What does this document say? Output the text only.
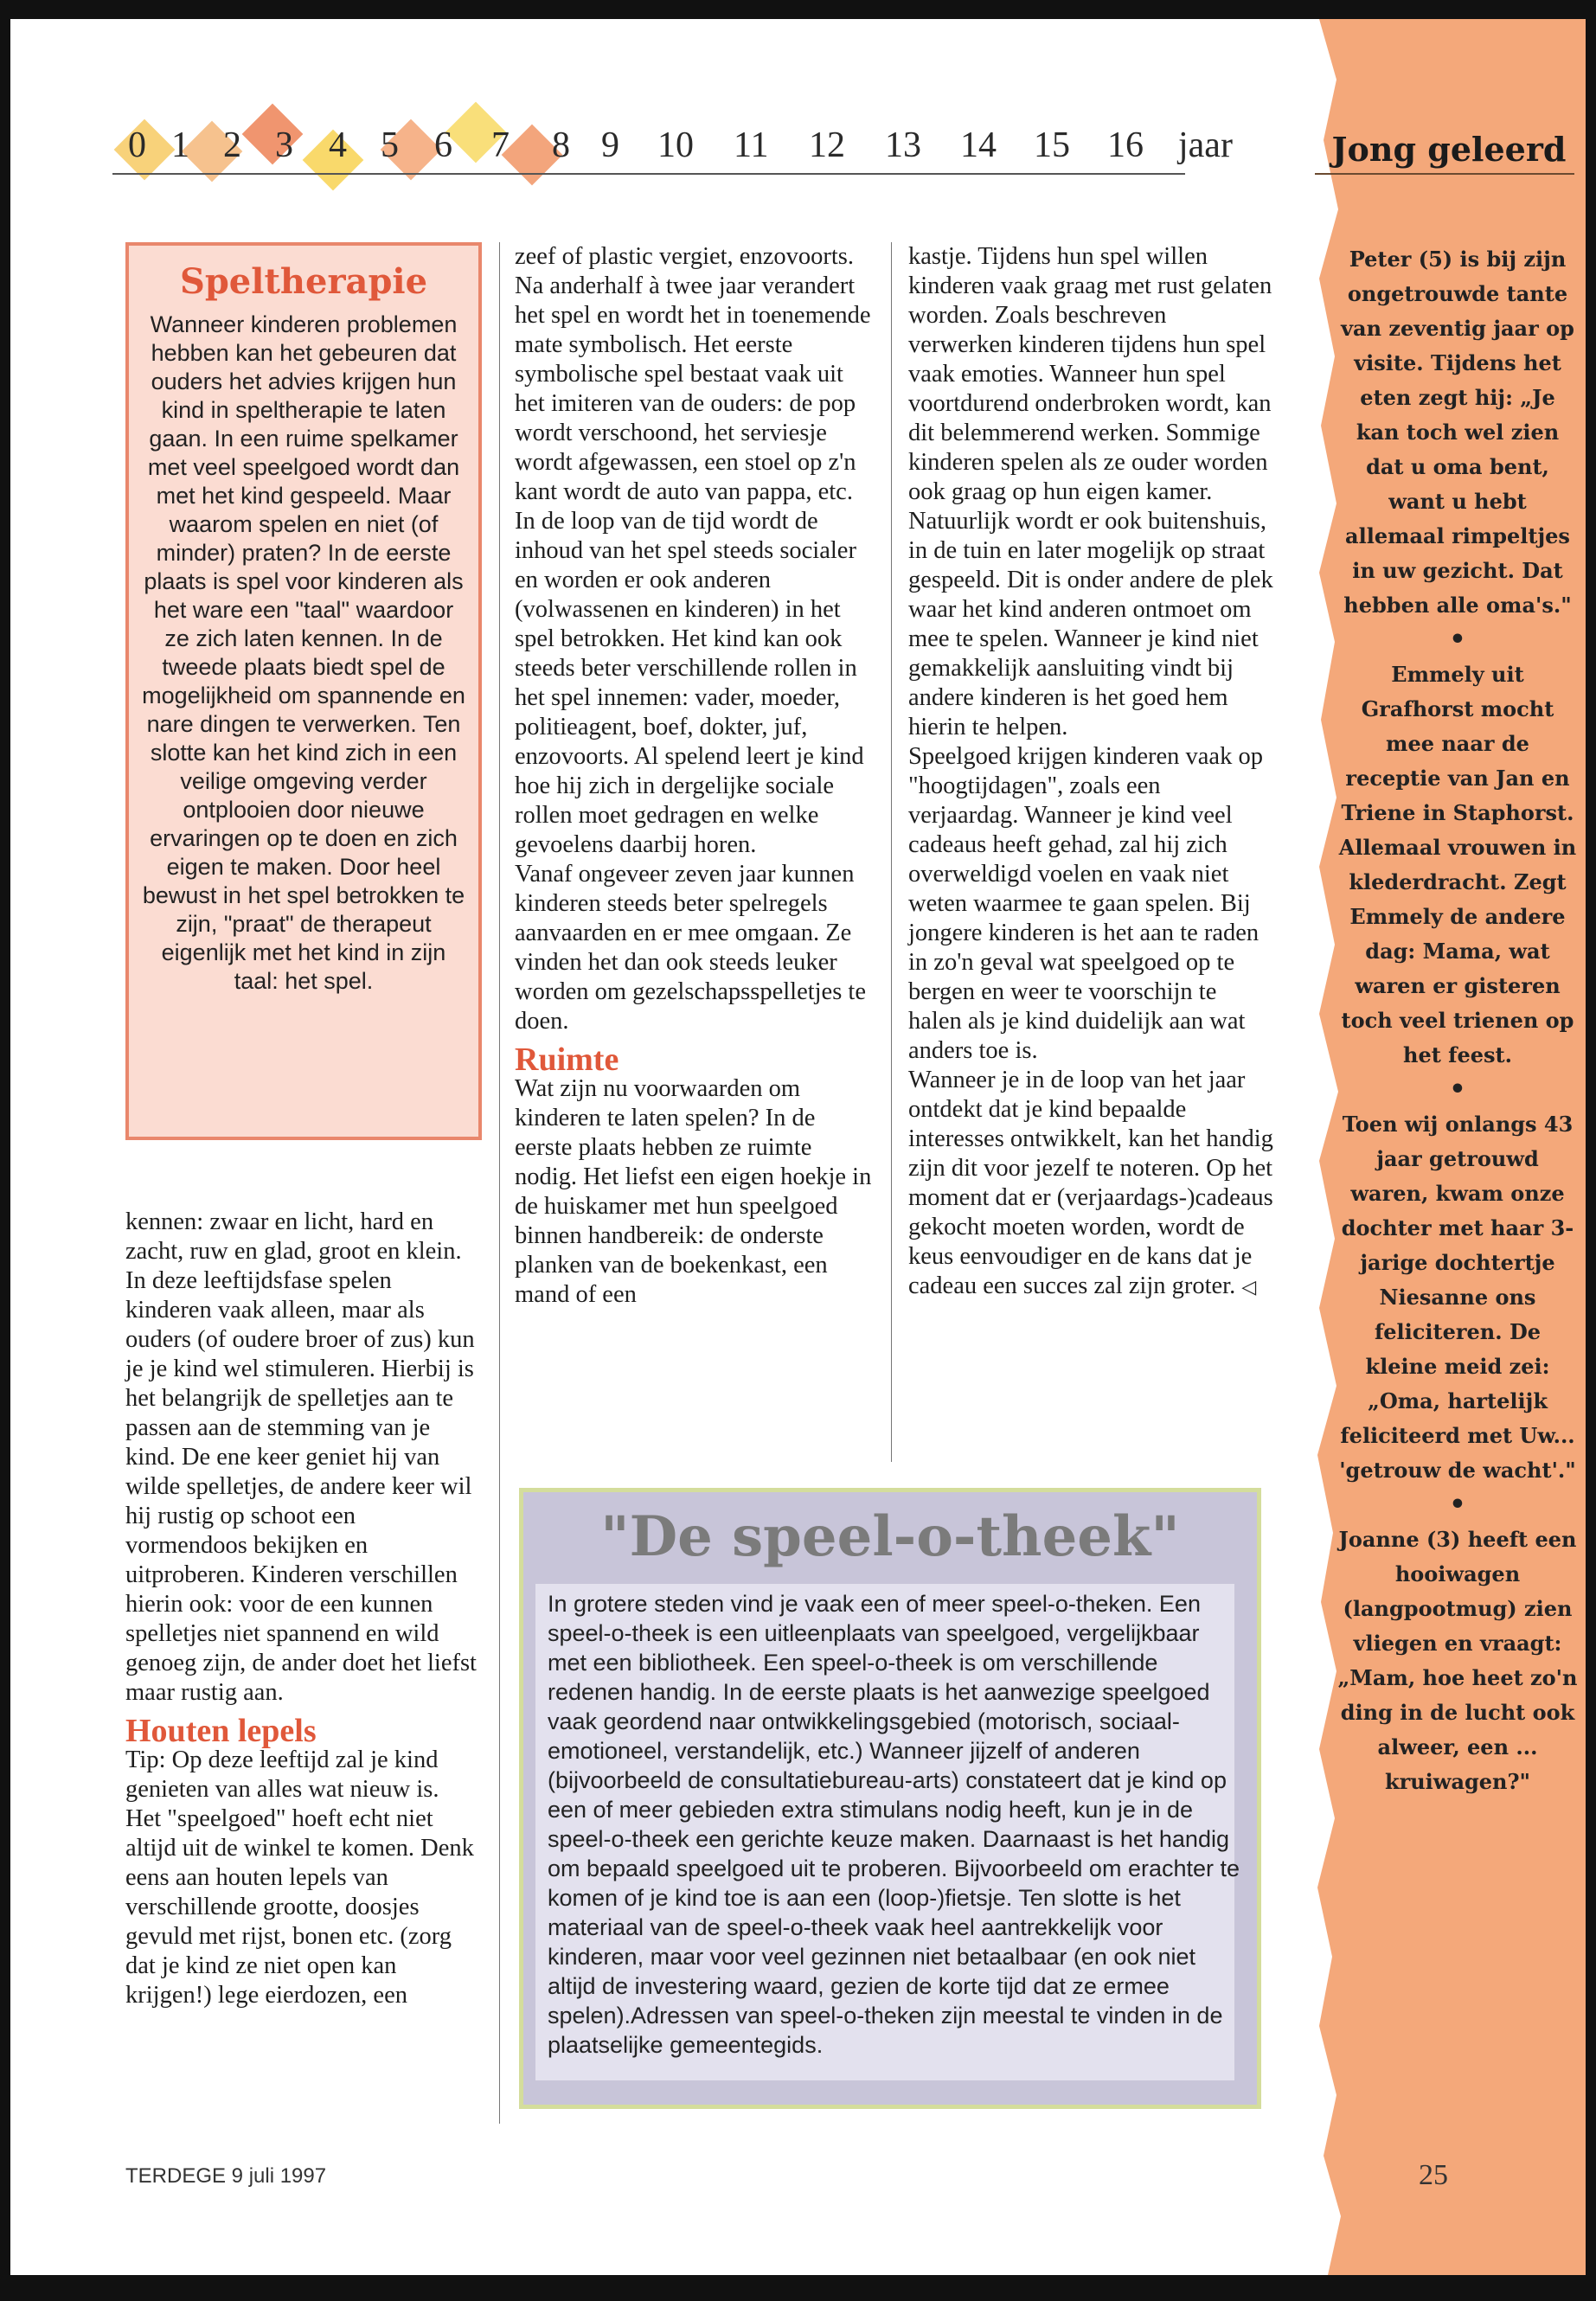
0 1 2 3 4 5 6 7 8 9 10 11 12 13 14 15 16 jaar	Jong geleerd
Speltherapie

Wanneer kinderen problemen hebben kan het gebeuren dat ouders het advies krijgen hun kind in speltherapie te laten gaan. In een ruime spelkamer met veel speelgoed wordt dan met het kind gespeeld. Maar waarom spelen en niet (of minder) praten? In de eerste plaats is spel voor kinderen als het ware een "taal" waardoor ze zich laten kennen. In de tweede plaats biedt spel de mogelijkheid om spannende en nare dingen te verwerken. Ten slotte kan het kind zich in een veilige omgeving verder ontplooien door nieuwe ervaringen op te doen en zich eigen te maken. Door heel bewust in het spel betrokken te zijn, "praat" de therapeut eigenlijk met het kind in zijn taal: het spel.

kennen: zwaar en licht, hard en zacht, ruw en glad, groot en klein.

In deze leeftijdsfase spelen kinderen vaak alleen, maar als ouders (of oudere broer of zus) kun je je kind wel stimuleren. Hierbij is het belangrijk de spelletjes aan te passen aan de stemming van je kind. De ene keer geniet hij van wilde spelletjes, de andere keer wil hij rustig op schoot een vormendoos bekijken en uitproberen. Kinderen verschillen hierin ook: voor de een kunnen spelletjes niet spannend en wild genoeg zijn, de ander doet het liefst maar rustig aan.

Houten lepels

Tip: Op deze leeftijd zal je kind genieten van alles wat nieuw is. Het "speelgoed" hoeft echt niet altijd uit de winkel te komen. Denk eens aan houten lepels van verschillende grootte, doosjes gevuld met rijst, bonen etc. (zorg dat je kind ze niet open kan krijgen!) lege eierdozen, een

zeef of plastic vergiet, enzovoorts.

Na anderhalf à twee jaar verandert het spel en wordt het in toenemende mate symbolisch. Het eerste symbolische spel bestaat vaak uit het imiteren van de ouders: de pop wordt verschoond, het serviesje wordt afgewassen, een stoel op z'n kant wordt de auto van pappa, etc.

In de loop van de tijd wordt de inhoud van het spel steeds socialer en worden er ook anderen (volwassenen en kinderen) in het spel betrokken. Het kind kan ook steeds beter verschillende rollen in het spel innemen: vader, moeder, politieagent, boef, dokter, juf, enzovoorts. Al spelend leert je kind hoe hij zich in dergelijke sociale rollen moet gedragen en welke gevoelens daarbij horen.

Vanaf ongeveer zeven jaar kunnen kinderen steeds beter spelregels aanvaarden en er mee omgaan. Ze vinden het dan ook steeds leuker worden om gezelschapsspelletjes te doen.

Ruimte

Wat zijn nu voorwaarden om kinderen te laten spelen? In de eerste plaats hebben ze ruimte nodig. Het liefst een eigen hoekje in de huiskamer met hun speelgoed binnen handbereik: de onderste planken van de boekenkast, een mand of een

kastje. Tijdens hun spel willen kinderen vaak graag met rust gelaten worden. Zoals beschreven verwerken kinderen tijdens hun spel vaak emoties. Wanneer hun spel voortdurend onderbroken wordt, kan dit belemmerend werken. Sommige kinderen spelen als ze ouder worden ook graag op hun eigen kamer.

Natuurlijk wordt er ook buitenshuis, in de tuin en later mogelijk op straat gespeeld. Dit is onder andere de plek waar het kind anderen ontmoet om mee te spelen. Wanneer je kind niet gemakkelijk aansluiting vindt bij andere kinderen is het goed hem hierin te helpen.

Speelgoed krijgen kinderen vaak op "hoogtijdagen", zoals een verjaardag. Wanneer je kind veel cadeaus heeft gehad, zal hij zich overweldigd voelen en vaak niet weten waarmee te gaan spelen. Bij jongere kinderen is het aan te raden in zo'n geval wat speelgoed op te bergen en weer te voorschijn te halen als je kind duidelijk aan wat anders toe is.

Wanneer je in de loop van het jaar ontdekt dat je kind bepaalde interesses ontwikkelt, kan het handig zijn dit voor jezelf te noteren. Op het moment dat er (verjaardags-)cadeaus gekocht moeten worden, wordt de keus eenvoudiger en de kans dat je cadeau een succes zal zijn groter. ◁

"De speel-o-theek"

In grotere steden vind je vaak een of meer speel-o-theken. Een speel-o-theek is een uitleenplaats van speelgoed, vergelijkbaar met een bibliotheek. Een speel-o-theek is om verschillende redenen handig. In de eerste plaats is het aanwezige speelgoed vaak geordend naar ontwikkelingsgebied (motorisch, sociaal-emotioneel, verstandelijk, etc.) Wanneer jijzelf of anderen (bijvoorbeeld de consultatiebureau-arts) constateert dat je kind op een of meer gebieden extra stimulans nodig heeft, kun je in de speel-o-theek een gerichte keuze maken. Daarnaast is het handig om bepaald speelgoed uit te proberen. Bijvoorbeeld om erachter te komen of je kind toe is aan een (loop-)fietsje. Ten slotte is het materiaal van de speel-o-theek vaak heel aantrekkelijk voor kinderen, maar voor veel gezinnen niet betaalbaar (en ook niet altijd de investering waard, gezien de korte tijd dat ze ermee spelen).Adressen van speel-o-theken zijn meestal te vinden in de plaatselijke gemeentegids.

Peter (5) is bij zijn ongetrouwde tante van zeventig jaar op visite. Tijdens het eten zegt hij: „Je kan toch wel zien dat u oma bent, want u hebt allemaal rimpeltjes in uw gezicht. Dat hebben alle oma's."
•
Emmely uit Grafhorst mocht mee naar de receptie van Jan en Triene in Staphorst. Allemaal vrouwen in klederdracht. Zegt Emmely de andere dag: Mama, wat waren er gisteren toch veel trienen op het feest.
•
Toen wij onlangs 43 jaar getrouwd waren, kwam onze dochter met haar 3-jarige dochtertje Niesanne ons feliciteren. De kleine meid zei: „Oma, hartelijk feliciteerd met Uw... 'getrouw de wacht'."
•
Joanne (3) heeft een hooiwagen (langpootmug) zien vliegen en vraagt: „Mam, hoe heet zo'n ding in de lucht ook alweer, een ... kruiwagen?"
TERDEGE 9 juli 1997	25
